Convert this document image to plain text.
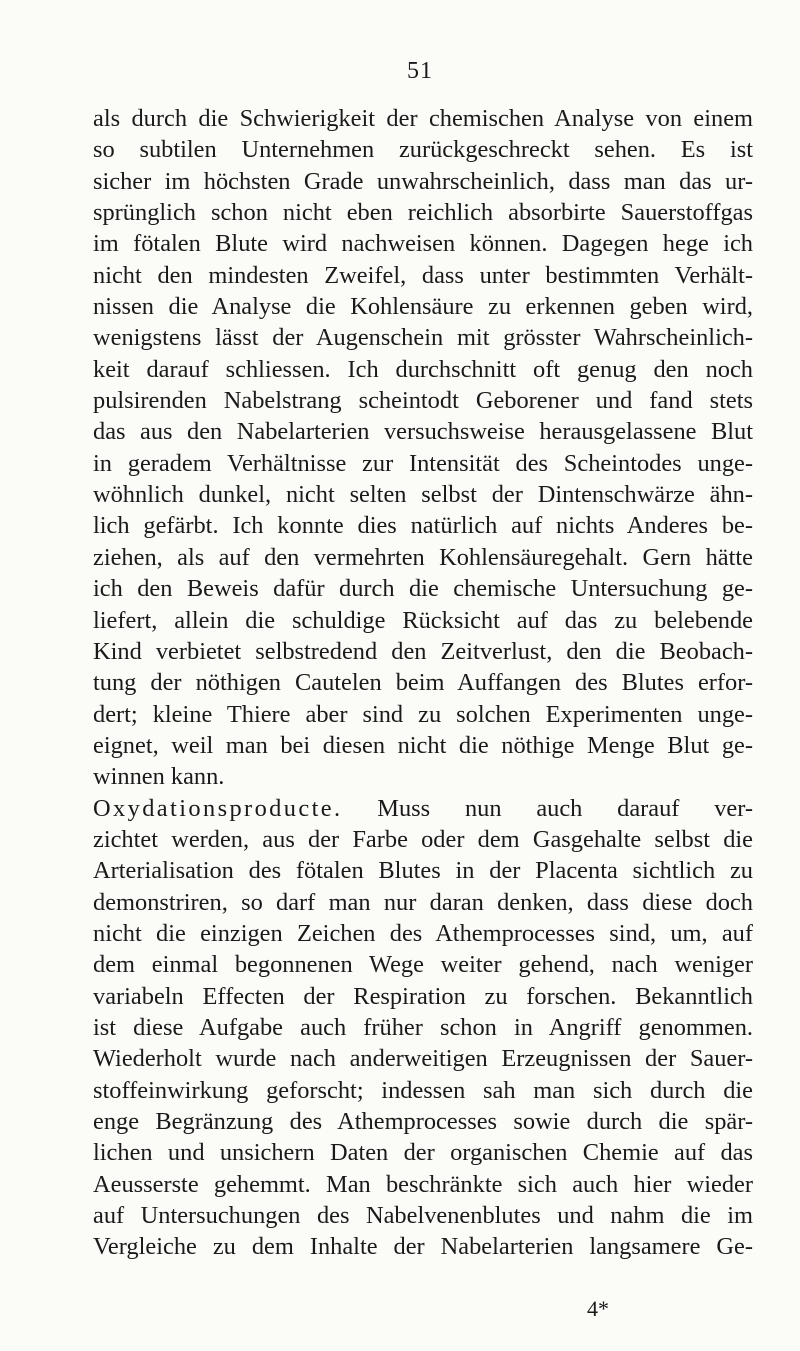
51
als durch die Schwierigkeit der chemischen Analyse von einem
so subtilen Unternehmen zurückgeschreckt sehen. Es ist
sicher im höchsten Grade unwahrscheinlich, dass man das ur-
sprünglich schon nicht eben reichlich absorbirte Sauerstoffgas
im fötalen Blute wird nachweisen können. Dagegen hege ich
nicht den mindesten Zweifel, dass unter bestimmten Verhält-
nissen die Analyse die Kohlensäure zu erkennen geben wird,
wenigstens lässt der Augenschein mit grösster Wahrscheinlich-
keit darauf schliessen. Ich durchschnitt oft genug den noch
pulsirenden Nabelstrang scheintodt Geborener und fand stets
das aus den Nabelarterien versuchsweise herausgelassene Blut
in geradem Verhältnisse zur Intensität des Scheintodes unge-
wöhnlich dunkel, nicht selten selbst der Dintenschwärze ähn-
lich gefärbt. Ich konnte dies natürlich auf nichts Anderes be-
ziehen, als auf den vermehrten Kohlensäuregehalt. Gern hätte
ich den Beweis dafür durch die chemische Untersuchung ge-
liefert, allein die schuldige Rücksicht auf das zu belebende
Kind verbietet selbstredend den Zeitverlust, den die Beobach-
tung der nöthigen Cautelen beim Auffangen des Blutes erfor-
dert; kleine Thiere aber sind zu solchen Experimenten unge-
eignet, weil man bei diesen nicht die nöthige Menge Blut ge-
winnen kann.
Oxydationsproducte. Muss nun auch darauf ver-
zichtet werden, aus der Farbe oder dem Gasgehalte selbst die
Arterialisation des fötalen Blutes in der Placenta sichtlich zu
demonstriren, so darf man nur daran denken, dass diese doch
nicht die einzigen Zeichen des Athemprocesses sind, um, auf
dem einmal begonnenen Wege weiter gehend, nach weniger
variabeln Effecten der Respiration zu forschen. Bekanntlich
ist diese Aufgabe auch früher schon in Angriff genommen.
Wiederholt wurde nach anderweitigen Erzeugnissen der Sauer-
stoffeinwirkung geforscht; indessen sah man sich durch die
enge Begränzung des Athemprocesses sowie durch die spär-
lichen und unsichern Daten der organischen Chemie auf das
Aeusserste gehemmt. Man beschränkte sich auch hier wieder
auf Untersuchungen des Nabelvenenblutes und nahm die im
Vergleiche zu dem Inhalte der Nabelarterien langsamere Ge-
4*
